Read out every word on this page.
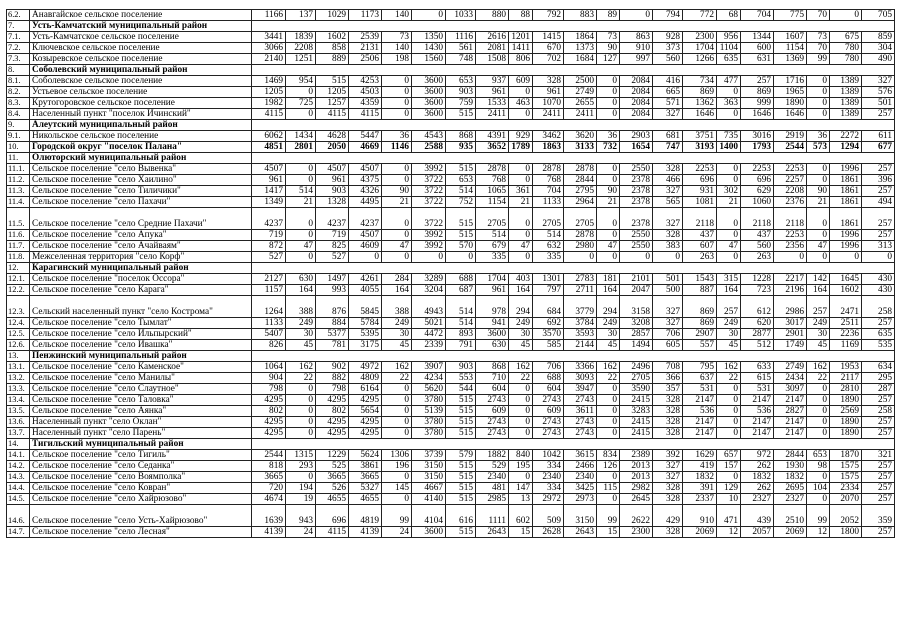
6.2.	Анавгайское сельское поселение	1166	137	1029	1173	140	0	1033	880	88	792	883	89	0	794	772	68	704	775	70	0	705
7.	Усть-Камчатский муниципальный район																					
7.1.	Усть-Камчатское сельское поселение	3441	1839	1602	2539	73	1350	1116	2616	1201	1415	1864	73	863	928	2300	956	1344	1607	73	675	859
7.2.	Ключевское сельское поселение	3066	2208	858	2131	140	1430	561	2081	1411	670	1373	90	910	373	1704	1104	600	1154	70	780	304
7.3.	Козыревское сельское поселение	2140	1251	889	2506	198	1560	748	1508	806	702	1684	127	997	560	1266	635	631	1369	99	780	490
8.	Соболевский муниципальный район																					
8.1.	Соболевское сельское поселение	1469	954	515	4253	0	3600	653	937	609	328	2500	0	2084	416	734	477	257	1716	0	1389	327
8.2.	Устьевое сельское поселение	1205	0	1205	4503	0	3600	903	961	0	961	2749	0	2084	665	869	0	869	1965	0	1389	576
8.3.	Крутогоровское сельское поселение	1982	725	1257	4359	0	3600	759	1533	463	1070	2655	0	2084	571	1362	363	999	1890	0	1389	501
8.4.	Населенный пункт "поселок Ичинский"	4115	0	4115	4115	0	3600	515	2411	0	2411	2411	0	2084	327	1646	0	1646	1646	0	1389	257
9.	Алеутский муниципальный район																					
9.1.	Никольское сельское поселение	6062	1434	4628	5447	36	4543	868	4391	929	3462	3620	36	2903	681	3751	735	3016	2919	36	2272	611
10.	Городской округ "поселок Палана"	4851	2801	2050	4669	1146	2588	935	3652	1789	1863	3133	732	1654	747	3193	1400	1793	2544	573	1294	677
11.	Олюторский муниципальный район																					
11.1.	Сельское поселение "село Вывенка"	4507	0	4507	4507	0	3992	515	2878	0	2878	2878	0	2550	328	2253	0	2253	2253	0	1996	257
11.2.	Сельское поселение "село Хаилино"	961	0	961	4375	0	3722	653	768	0	768	2844	0	2378	466	696	0	696	2257	0	1861	396
11.3.	Сельское поселение "село Тиличики"	1417	514	903	4326	90	3722	514	1065	361	704	2795	90	2378	327	931	302	629	2208	90	1861	257
11.4.	Сельское поселение "село Пахачи"	1349	21	1328	4495	21	3722	752	1154	21	1133	2964	21	2378	565	1081	21	1060	2376	21	1861	494
11.5.	Сельское поселение "село Средние Пахачи"	4237	0	4237	4237	0	3722	515	2705	0	2705	2705	0	2378	327	2118	0	2118	2118	0	1861	257
11.6.	Сельское поселение "село Апука"	719	0	719	4507	0	3992	515	514	0	514	2878	0	2550	328	437	0	437	2253	0	1996	257
11.7.	Сельское поселение "село Ачайваям"	872	47	825	4609	47	3992	570	679	47	632	2980	47	2550	383	607	47	560	2356	47	1996	313
11.8.	Межселенная территория "село Корф"	527	0	527	0	0	0	0	335	0	335	0	0	0	0	263	0	263	0	0	0	0
12.	Карагинский муниципальный район																					
12.1.	Сельское поселение "поселок Оссора"	2127	630	1497	4261	284	3289	688	1704	403	1301	2783	181	2101	501	1543	315	1228	2217	142	1645	430
12.2.	Сельское поселение "село Карага"	1157	164	993	4055	164	3204	687	961	164	797	2711	164	2047	500	887	164	723	2196	164	1602	430
12.3.	Сельский населенный пункт "село Кострома"	1264	388	876	5845	388	4943	514	978	294	684	3779	294	3158	327	869	257	612	2986	257	2471	258
12.4.	Сельское поселение "село Тымлат"	1133	249	884	5784	249	5021	514	941	249	692	3784	249	3208	327	869	249	620	3017	249	2511	257
12.5.	Сельское поселение "село Ильпырский"	5407	30	5377	5395	30	4472	893	3600	30	3570	3593	30	2857	706	2907	30	2877	2901	30	2236	635
12.6.	Сельское поселение "село Ивашка"	826	45	781	3175	45	2339	791	630	45	585	2144	45	1494	605	557	45	512	1749	45	1169	535
13.	Пенжинский муниципальный район																					
13.1.	Сельское поселение "село Каменское"	1064	162	902	4972	162	3907	903	868	162	706	3366	162	2496	708	795	162	633	2749	162	1953	634
13.2.	Сельское поселение "село Манилы"	904	22	882	4809	22	4234	553	710	22	688	3093	22	2705	366	637	22	615	2434	22	2117	295
13.3.	Сельское поселение "село Слаутное"	798	0	798	6164	0	5620	544	604	0	604	3947	0	3590	357	531	0	531	3097	0	2810	287
13.4.	Сельское поселение "село Таловка"	4295	0	4295	4295	0	3780	515	2743	0	2743	2743	0	2415	328	2147	0	2147	2147	0	1890	257
13.5.	Сельское поселение "село Аянка"	802	0	802	5654	0	5139	515	609	0	609	3611	0	3283	328	536	0	536	2827	0	2569	258
13.6.	Населенный пункт "село Оклан"	4295	0	4295	4295	0	3780	515	2743	0	2743	2743	0	2415	328	2147	0	2147	2147	0	1890	257
13.7.	Населенный пункт "село Парень"	4295	0	4295	4295	0	3780	515	2743	0	2743	2743	0	2415	328	2147	0	2147	2147	0	1890	257
14.	Тигильский муниципальный район																					
14.1.	Сельское поселение "село Тигиль"	2544	1315	1229	5624	1306	3739	579	1882	840	1042	3615	834	2389	392	1629	657	972	2844	653	1870	321
14.2.	Сельское поселение "село Седанка"	818	293	525	3861	196	3150	515	529	195	334	2466	126	2013	327	419	157	262	1930	98	1575	257
14.3.	Сельское поселение "село Воямполка"	3665	0	3665	3665	0	3150	515	2340	0	2340	2340	0	2013	327	1832	0	1832	1832	0	1575	257
14.4.	Сельское поселение "село Ковран"	720	194	526	5327	145	4667	515	481	147	334	3425	115	2982	328	391	129	262	2695	104	2334	257
14.5.	Сельское поселение "село Хайрюзово"	4674	19	4655	4655	0	4140	515	2985	13	2972	2973	0	2645	328	2337	10	2327	2327	0	2070	257
14.6.	Сельское поселение "село Усть-Хайрюзово"	1639	943	696	4819	99	4104	616	1111	602	509	3150	99	2622	429	910	471	439	2510	99	2052	359
14.7.	Сельское поселение "село Лесная"	4139	24	4115	4139	24	3600	515	2643	15	2628	2643	15	2300	328	2069	12	2057	2069	12	1800	257
